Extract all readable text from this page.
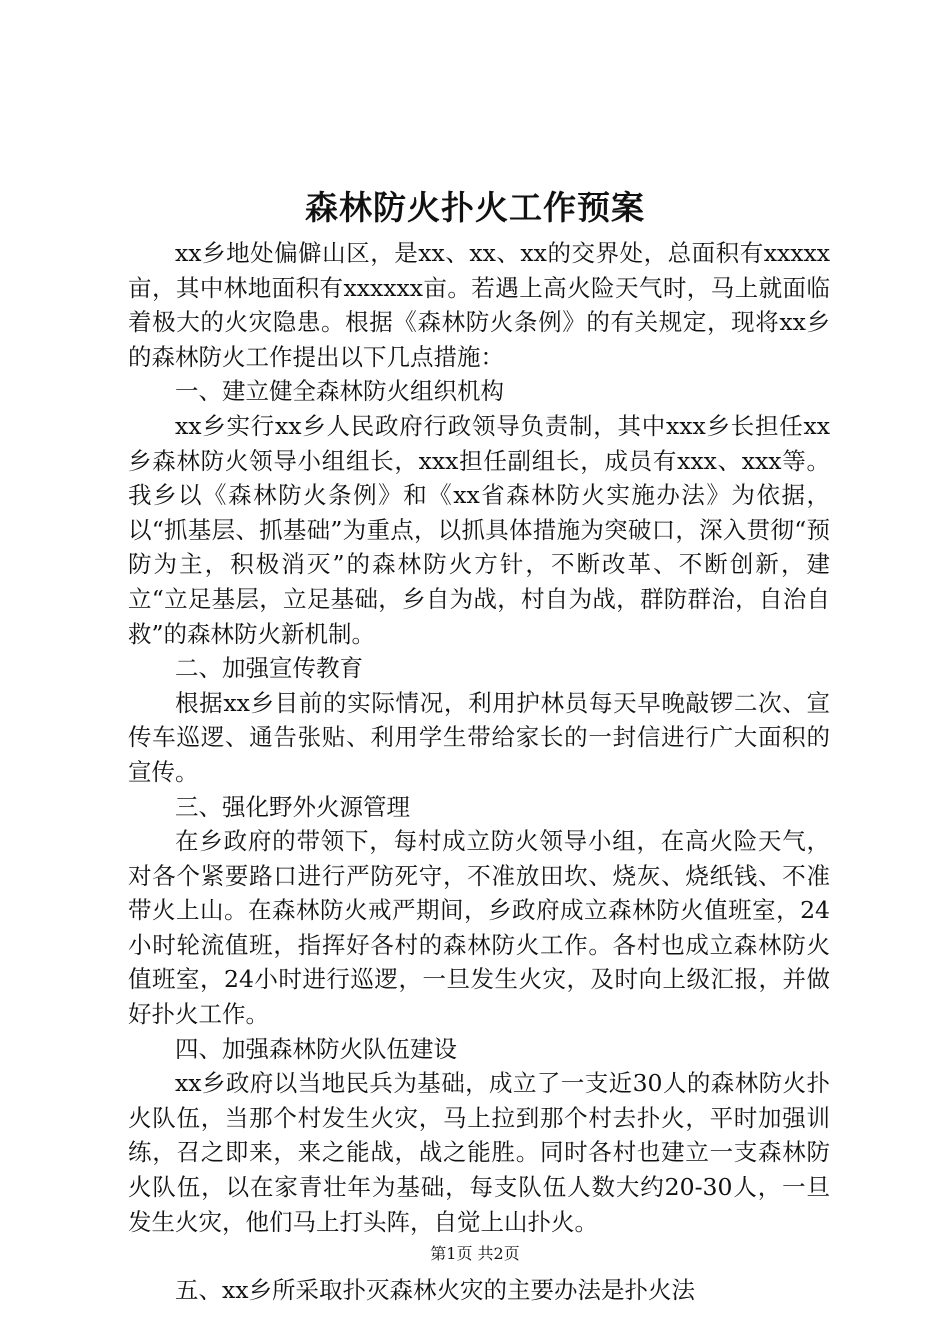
森林防火扑火工作预案

xx乡地处偏僻山区，是xx、xx、xx的交界处，总面积有xxxxx亩，其中林地面积有xxxxxx亩。若遇上高火险天气时，马上就面临着极大的火灾隐患。根据《森林防火条例》的有关规定，现将xx乡的森林防火工作提出以下几点措施：

一、建立健全森林防火组织机构

xx乡实行xx乡人民政府行政领导负责制，其中xxx乡长担任xx乡森林防火领导小组组长，xxx担任副组长，成员有xxx、xxx等。我乡以《森林防火条例》和《xx省森林防火实施办法》为依据，以“抓基层、抓基础”为重点，以抓具体措施为突破口，深入贯彻“预防为主，积极消灭”的森林防火方针，不断改革、不断创新，建立“立足基层，立足基础，乡自为战，村自为战，群防群治，自治自救”的森林防火新机制。

二、加强宣传教育

根据xx乡目前的实际情况，利用护林员每天早晚敲锣二次、宣传车巡逻、通告张贴、利用学生带给家长的一封信进行广大面积的宣传。

三、强化野外火源管理

在乡政府的带领下，每村成立防火领导小组，在高火险天气，对各个紧要路口进行严防死守，不准放田坎、烧灰、烧纸钱、不准带火上山。在森林防火戒严期间，乡政府成立森林防火值班室，24小时轮流值班，指挥好各村的森林防火工作。各村也成立森林防火值班室，24小时进行巡逻，一旦发生火灾，及时向上级汇报，并做好扑火工作。

四、加强森林防火队伍建设

xx乡政府以当地民兵为基础，成立了一支近30人的森林防火扑火队伍，当那个村发生火灾，马上拉到那个村去扑火，平时加强训练，召之即来，来之能战，战之能胜。同时各村也建立一支森林防火队伍，以在家青壮年为基础，每支队伍人数大约20-30人，一旦发生火灾，他们马上打头阵，自觉上山扑火。

五、xx乡所采取扑灭森林火灾的主要办法是扑火法

第1页 共2页
